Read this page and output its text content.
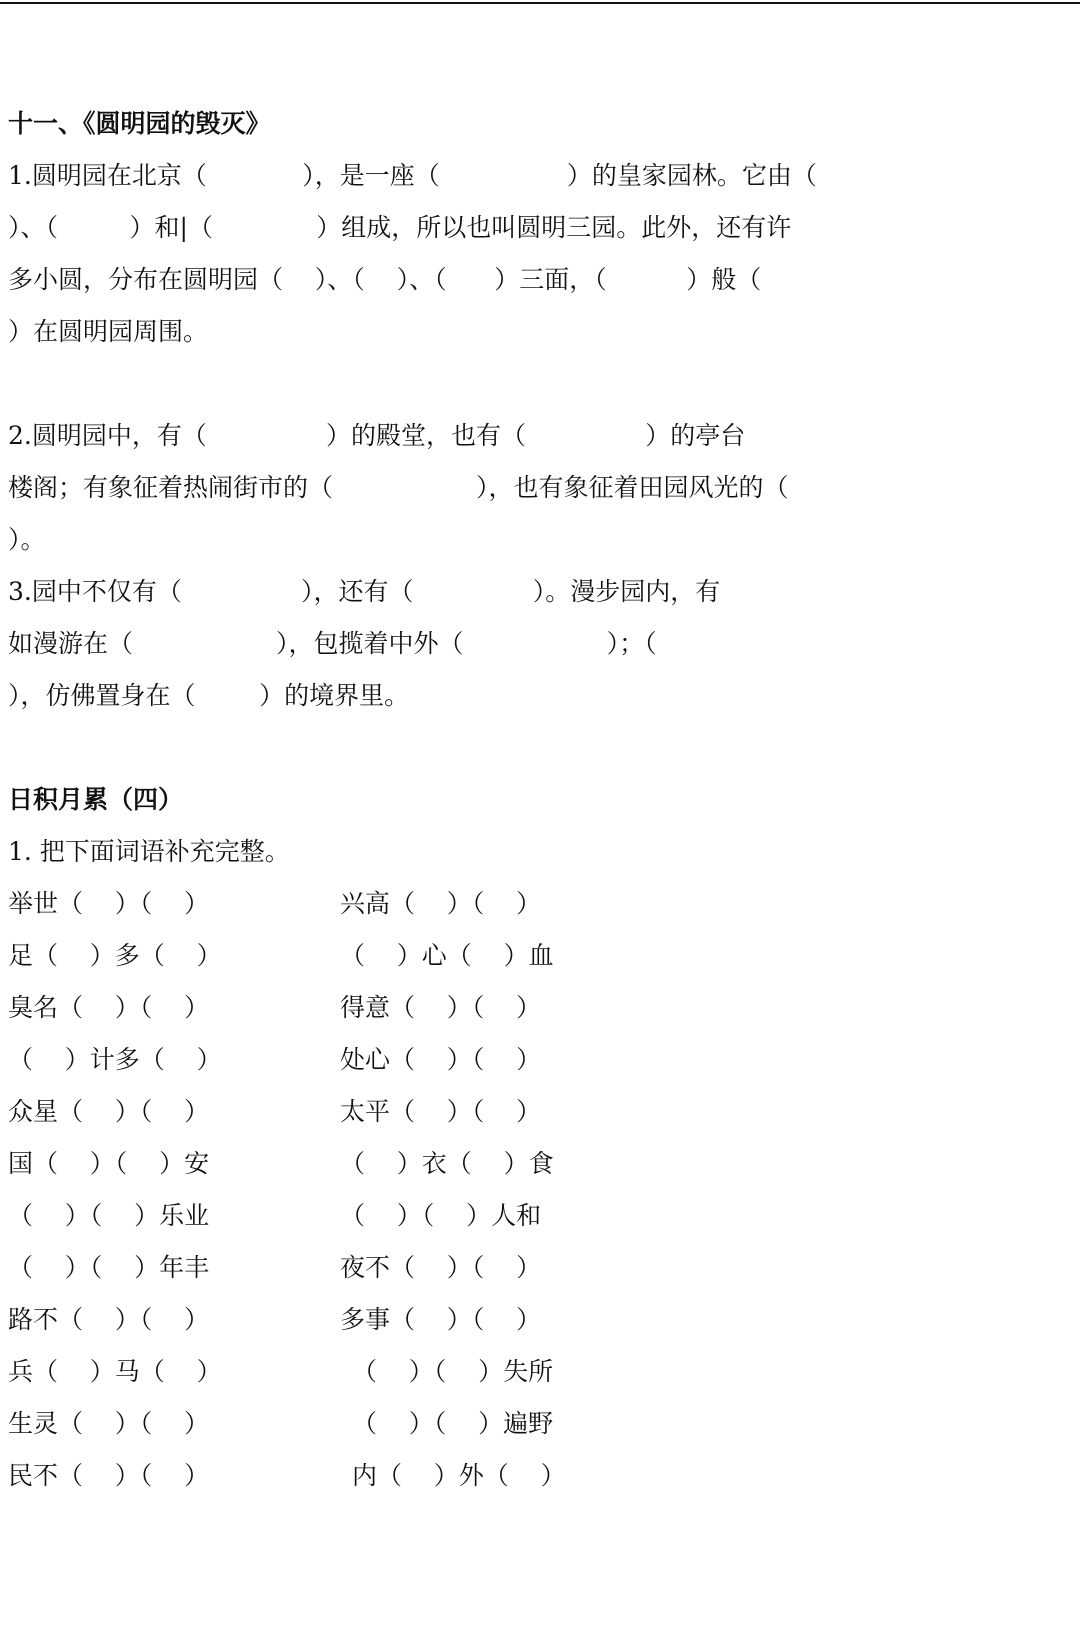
十一、《圆明园的毁灭》
1.圆明园在北京（            ），是一座（                ）的皇家园林。它由（
）、（         ）和|（             ）组成，所以也叫圆明三园。此外，还有许
多小圆，分布在圆明园（    ）、（    ）、（      ）三面，（          ）般（
）在圆明园周围。
2.圆明园中，有（               ）的殿堂，也有（               ）的亭台
楼阁；有象征着热闹街市的（                  ），也有象征着田园风光的（
）。
3.园中不仅有（               ），还有（               ）。漫步园内，有
如漫游在（                  ），包揽着中外（                  ）；（
），仿佛置身在（        ）的境界里。
日积月累（四）
1. 把下面词语补充完整。
举世（    ）（    ）	兴高（    ）（    ）
足（    ）多（    ）	（    ）心（    ）血
臭名（    ）（    ）	得意（    ）（    ）
（    ）计多（    ）	处心（    ）（    ）
众星（    ）（    ）	太平（    ）（    ）
国（    ）（    ）安	（    ）衣（    ）食
（    ）（    ）乐业	（    ）（    ）人和
（    ）（    ）年丰	夜不（    ）（    ）
路不（    ）（    ）	多事（    ）（    ）
兵（    ）马（    ）	（    ）（    ）失所
生灵（    ）（    ）	（    ）（    ）遍野
民不（    ）（    ）	内（    ）外（    ）
